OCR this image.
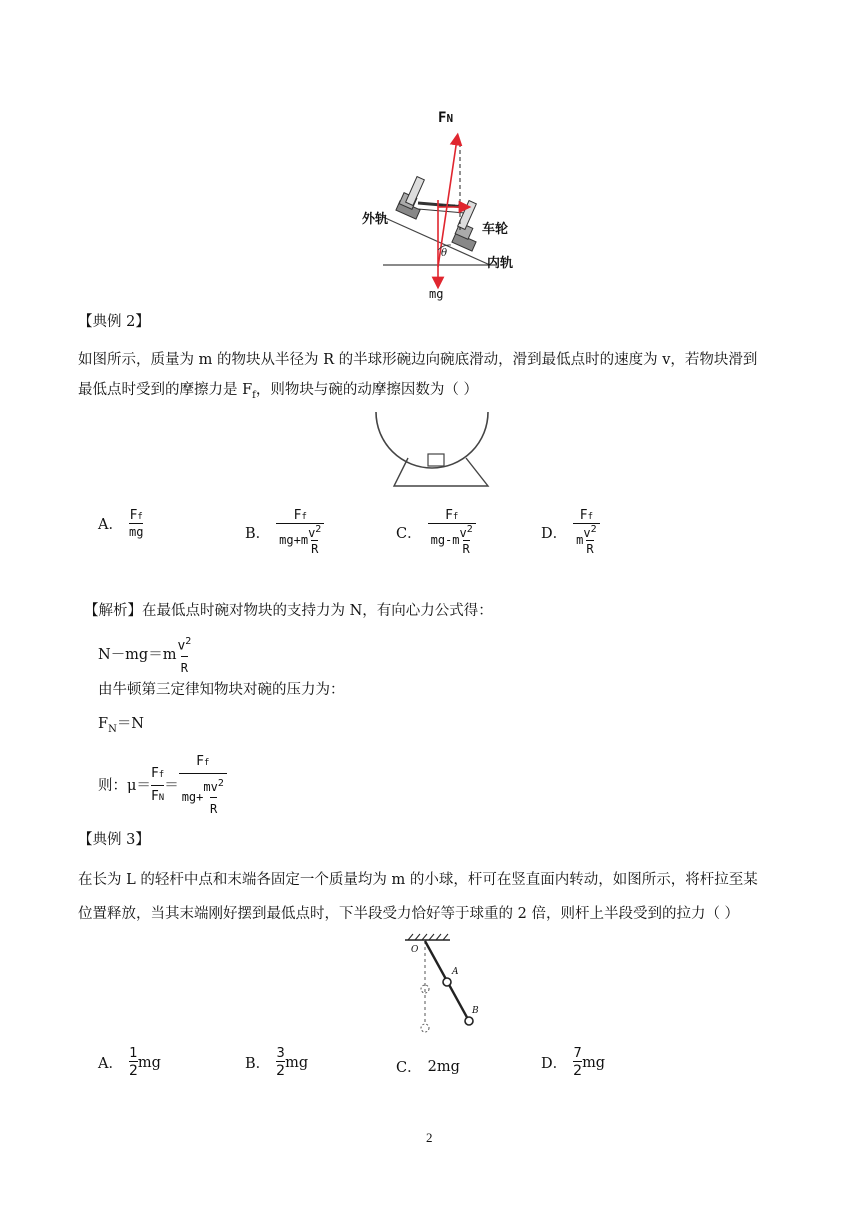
FN
外轨
车轮
内轨
θ
mg
【典例 2】
如图所示，质量为 m 的物块从半径为 R 的半球形碗边向碗底滑动，滑到最低点时的速度为 v，若物块滑到
最低点时受到的摩擦力是 $F_f$，则物块与碗的动摩擦因数为（ ）
A． $\frac{Ff}{mg}$	B． $\frac{Ff}{mg+m \frac{v^2}{R}}$	C． $\frac{Ff}{mg-m \frac{v^2}{R}}$	D． $\frac{Ff}{m \frac{v^2}{R}}$
【解析】在最低点时碗对物块的支持力为 N，有向心力公式得：
$N-mg=m \frac{v^2}{R}$
由牛顿第三定律知物块对碗的压力为：
$F_N=N$
则：$\mu= \frac{Ff}{FN} = \frac{Ff}{mg+ \frac{mv^2}{R}}$
【典例 3】
在长为 L 的轻杆中点和末端各固定一个质量均为 m 的小球，杆可在竖直面内转动，如图所示，将杆拉至某
位置释放，当其末端刚好摆到最低点时，下半段受力恰好等于球重的 2 倍，则杆上半段受到的拉力（ ）
O
A
B
A． $\frac{1}{2}$ mg	B． $\frac{3}{2}$ mg	C． 2mg	D． $\frac{7}{2}$ mg
2
